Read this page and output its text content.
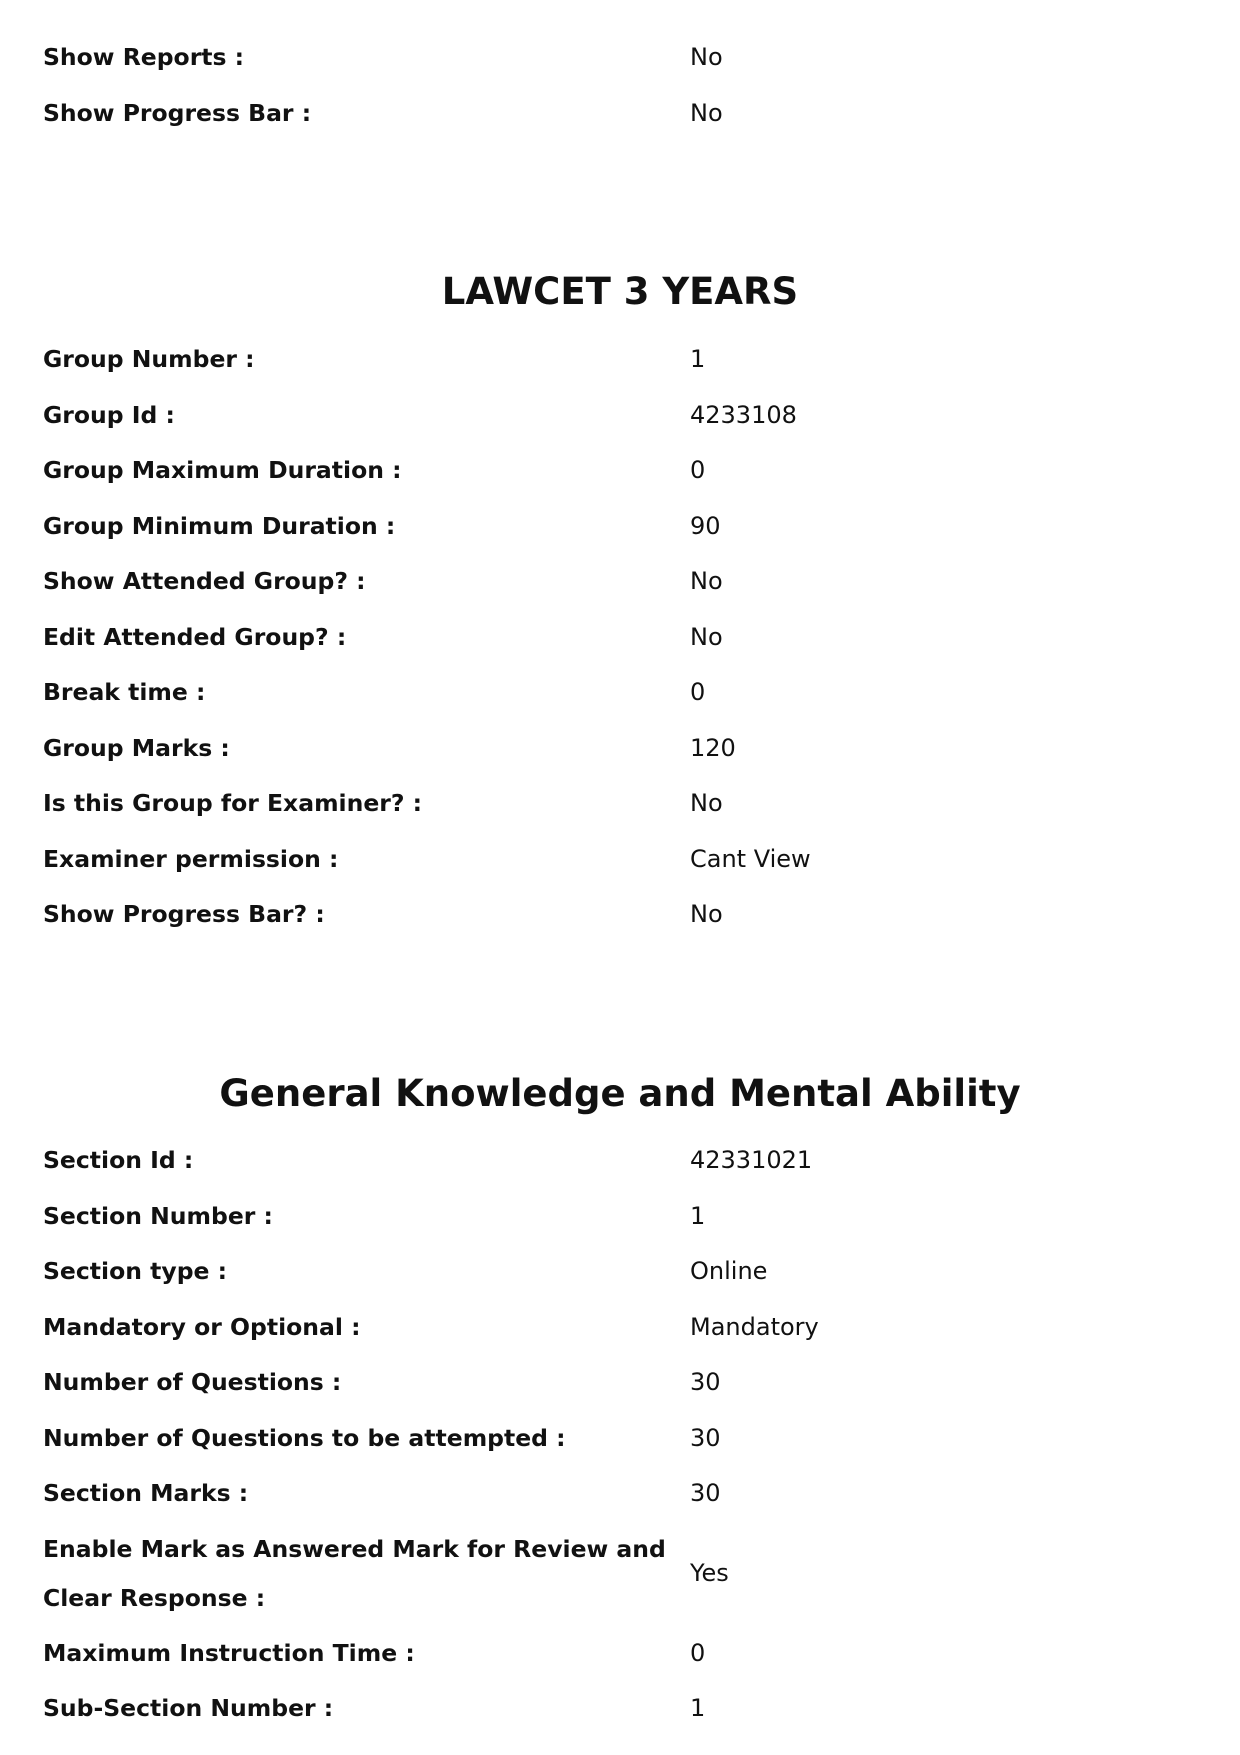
Show Reports :	No
Show Progress Bar :	No
LAWCET 3 YEARS
Group Number :	1
Group Id :	4233108
Group Maximum Duration :	0
Group Minimum Duration :	90
Show Attended Group? :	No
Edit Attended Group? :	No
Break time :	0
Group Marks :	120
Is this Group for Examiner? :	No
Examiner permission :	Cant View
Show Progress Bar? :	No
General Knowledge and Mental Ability
Section Id :	42331021
Section Number :	1
Section type :	Online
Mandatory or Optional :	Mandatory
Number of Questions :	30
Number of Questions to be attempted :	30
Section Marks :	30
Enable Mark as Answered Mark for Review and Clear Response :	Yes
Maximum Instruction Time :	0
Sub-Section Number :	1
